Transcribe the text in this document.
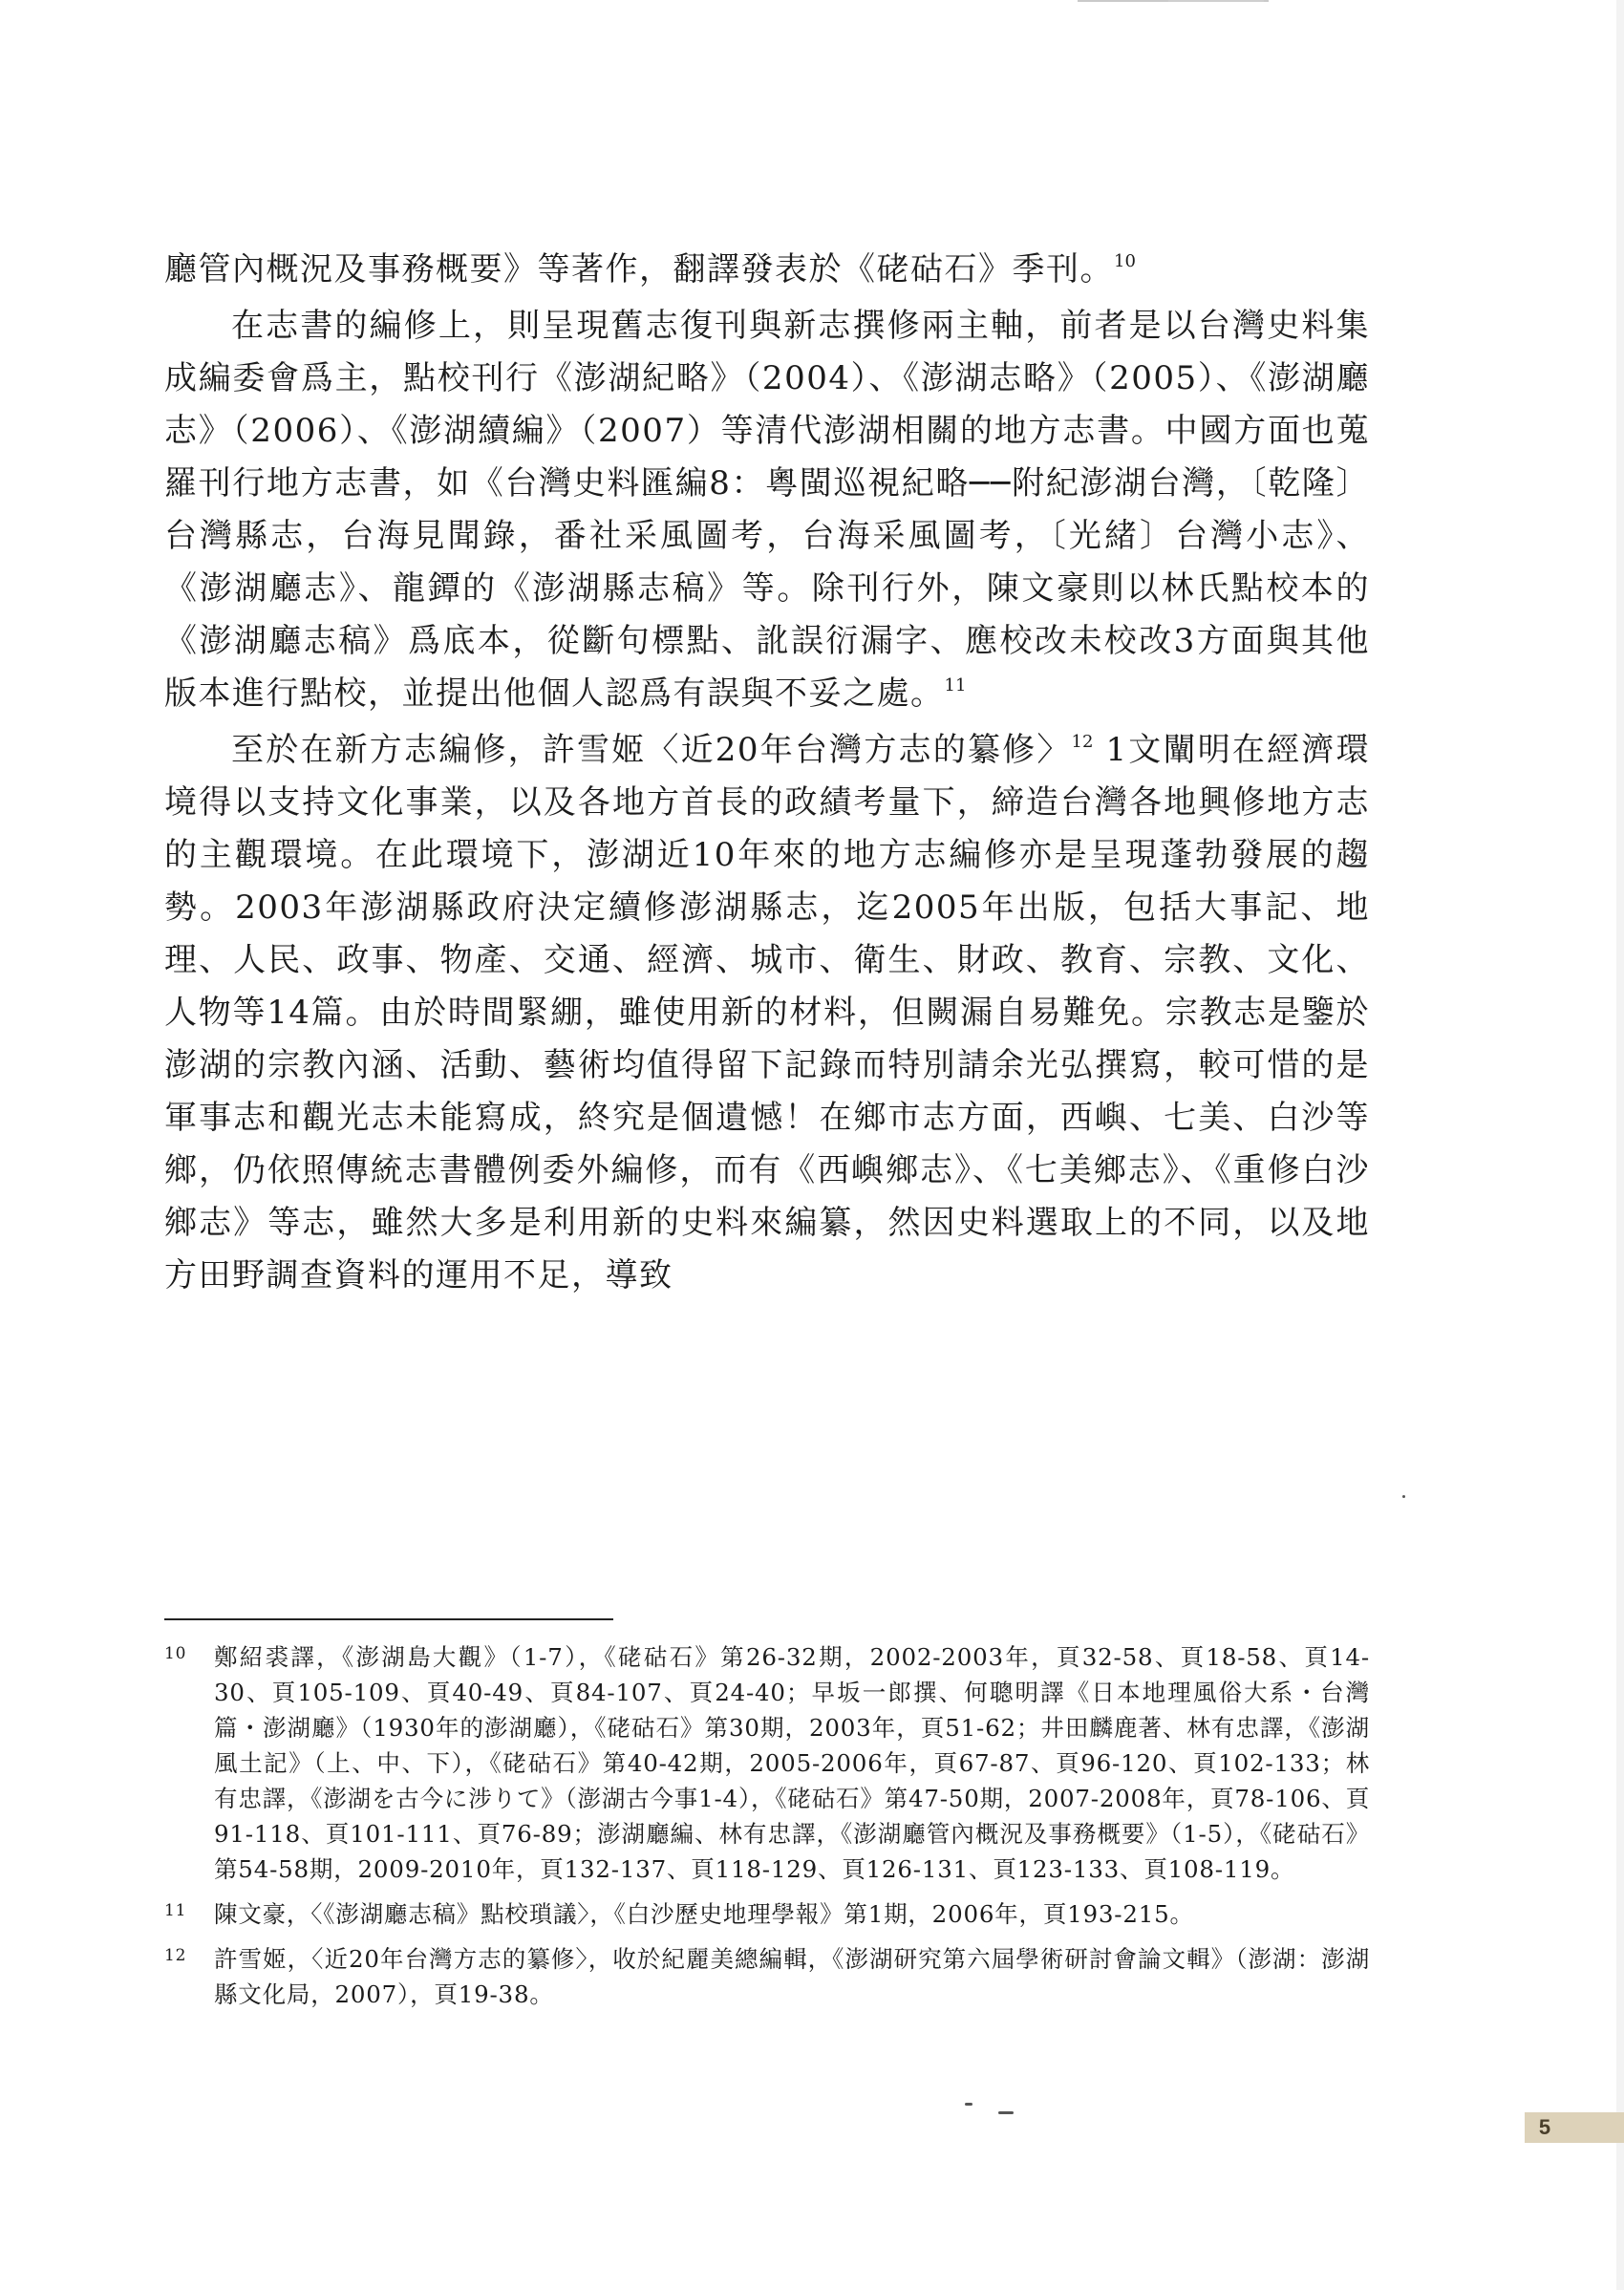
廳管內概況及事務概要》等著作，翻譯發表於《硓𥑮石》季刊。$^{10}$

在志書的編修上，則呈現舊志復刊與新志撰修兩主軸，前者是以台灣史料集成編委會爲主，點校刊行《澎湖紀略》（2004）、《澎湖志略》（2005）、《澎湖廳志》（2006）、《澎湖續編》（2007）等清代澎湖相關的地方志書。中國方面也蒐羅刊行地方志書，如《台灣史料匯編8：粵閩巡視紀略──附紀澎湖台灣，〔乾隆〕台灣縣志，台海見聞錄，番社采風圖考，台海采風圖考，〔光緒〕台灣小志》、《澎湖廳志》、龍鐔的《澎湖縣志稿》等。除刊行外，陳文豪則以林氏點校本的《澎湖廳志稿》爲底本，從斷句標點、訛誤衍漏字、應校改未校改3方面與其他版本進行點校，並提出他個人認爲有誤與不妥之處。$^{11}$

至於在新方志編修，許雪姬〈近20年台灣方志的纂修〉$^{12}$ 1文闡明在經濟環境得以支持文化事業，以及各地方首長的政績考量下，締造台灣各地興修地方志的主觀環境。在此環境下，澎湖近10年來的地方志編修亦是呈現蓬勃發展的趨勢。2003年澎湖縣政府決定續修澎湖縣志，迄2005年出版，包括大事記、地理、人民、政事、物產、交通、經濟、城市、衛生、財政、教育、宗教、文化、人物等14篇。由於時間緊綳，雖使用新的材料，但闕漏自易難免。宗教志是鑒於澎湖的宗教內涵、活動、藝術均值得留下記錄而特別請余光弘撰寫，較可惜的是軍事志和觀光志未能寫成，終究是個遺憾！在鄉市志方面，西嶼、七美、白沙等鄉，仍依照傳統志書體例委外編修，而有《西嶼鄉志》、《七美鄉志》、《重修白沙鄉志》等志，雖然大多是利用新的史料來編纂，然因史料選取上的不同，以及地方田野調查資料的運用不足，導致

10	鄭紹裘譯，《澎湖島大觀》（1-7），《硓𥑮石》第26-32期，2002-2003年，頁32-58、頁18-58、頁14-30、頁105-109、頁40-49、頁84-107、頁24-40；早坂一郎撰、何聰明譯《日本地理風俗大系・台灣篇・澎湖廳》（1930年的澎湖廳），《硓𥑮石》第30期，2003年，頁51-62；井田麟鹿著、林有忠譯，《澎湖風土記》（上、中、下），《硓𥑮石》第40-42期，2005-2006年，頁67-87、頁96-120、頁102-133；林有忠譯，《澎湖を古今に涉りて》（澎湖古今事1-4），《硓𥑮石》第47-50期，2007-2008年，頁78-106、頁91-118、頁101-111、頁76-89；澎湖廳編、林有忠譯，《澎湖廳管內概況及事務概要》（1-5），《硓𥑮石》第54-58期，2009-2010年，頁132-137、頁118-129、頁126-131、頁123-133、頁108-119。
11	陳文豪，〈《澎湖廳志稿》點校瑣議〉，《白沙歷史地理學報》第1期，2006年，頁193-215。
12	許雪姬，〈近20年台灣方志的纂修〉，收於紀麗美總編輯，《澎湖研究第六屆學術研討會論文輯》（澎湖：澎湖縣文化局，2007），頁19-38。
5
